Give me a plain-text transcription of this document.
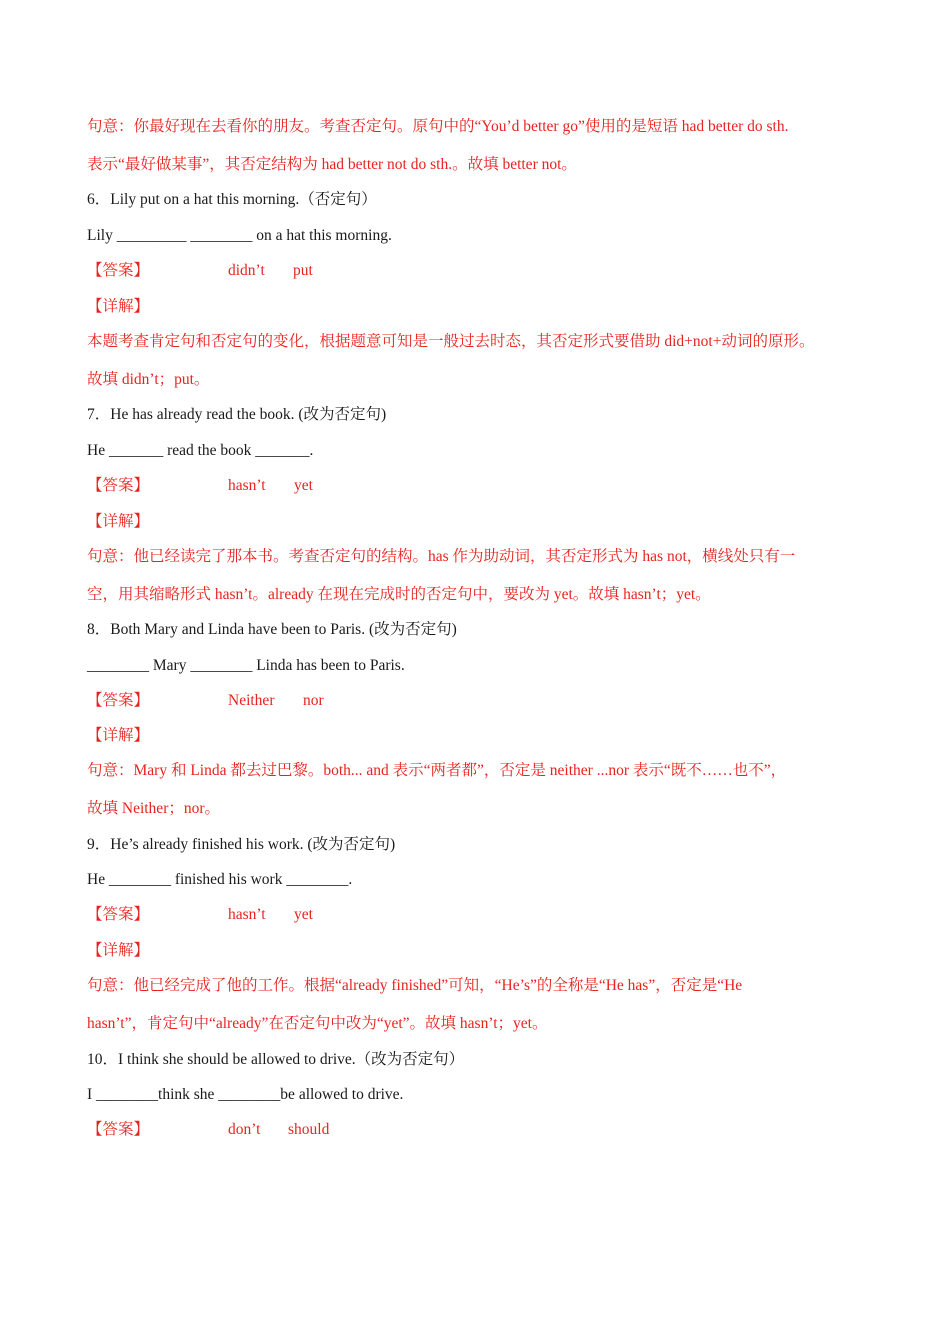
句意：你最好现在去看你的朋友。考查否定句。原句中的“You’d better go”使用的是短语 had better do sth.
表示“最好做某事”，其否定结构为 had better not do sth.。故填 better not。
6．Lily put on a hat this morning.（否定句）
Lily _________ ________ on a hat this morning.
【答案】	didn’t put
【详解】
本题考查肯定句和否定句的变化，根据题意可知是一般过去时态，其否定形式要借助 did+not+动词的原形。
故填 didn’t；put。
7．He has already read the book. (改为否定句)
He _______ read the book _______.
【答案】	hasn’t yet
【详解】
句意：他已经读完了那本书。考查否定句的结构。has 作为助动词，其否定形式为 has not，横线处只有一
空，用其缩略形式 hasn’t。already 在现在完成时的否定句中，要改为 yet。故填 hasn’t；yet。
8．Both Mary and Linda have been to Paris. (改为否定句)
________ Mary ________ Linda has been to Paris.
【答案】	Neither nor
【详解】
句意：Mary 和 Linda 都去过巴黎。both... and 表示“两者都”，否定是 neither ...nor 表示“既不……也不”，
故填 Neither；nor。
9．He’s already finished his work. (改为否定句)
He ________ finished his work ________.
【答案】	hasn’t yet
【详解】
句意：他已经完成了他的工作。根据“already finished”可知，“He’s”的全称是“He has”，否定是“He
hasn’t”，肯定句中“already”在否定句中改为“yet”。故填 hasn’t；yet。
10．I think she should be allowed to drive.（改为否定句）
I ________think she ________be allowed to drive.
【答案】	don’t should
